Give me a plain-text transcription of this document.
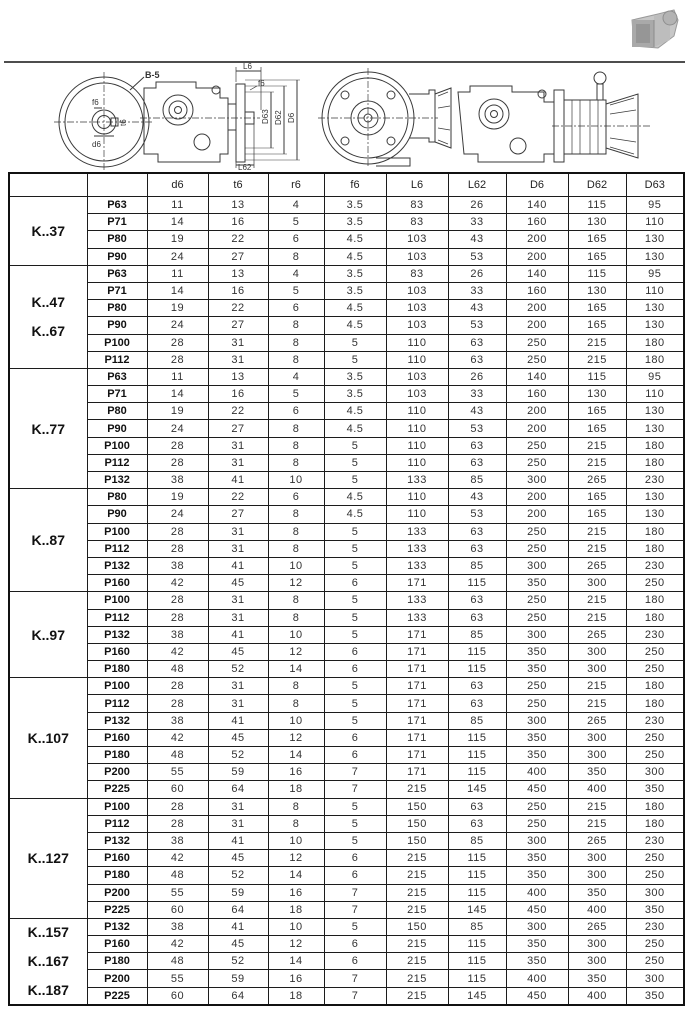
B-5
f6
t6
d6
L6
f6
D63 D62 D6
L62
		d6	t6	r6	f6	L6	L62	D6	D62	D63

K..37	P63	11	13	4	3.5	83	26	140	115	95
	P71	14	16	5	3.5	83	33	160	130	110
	P80	19	22	6	4.5	103	43	200	165	130
	P90	24	27	8	4.5	103	53	200	165	130

K..47
K..67	P63	11	13	4	3.5	83	26	140	115	95
	P71	14	16	5	3.5	103	33	160	130	110
	P80	19	22	6	4.5	103	43	200	165	130
	P90	24	27	8	4.5	103	53	200	165	130
	P100	28	31	8	5	110	63	250	215	180
	P112	28	31	8	5	110	63	250	215	180

K..77	P63	11	13	4	3.5	103	26	140	115	95
	P71	14	16	5	3.5	103	33	160	130	110
	P80	19	22	6	4.5	110	43	200	165	130
	P90	24	27	8	4.5	110	53	200	165	130
	P100	28	31	8	5	110	63	250	215	180
	P112	28	31	8	5	110	63	250	215	180
	P132	38	41	10	5	133	85	300	265	230

K..87	P80	19	22	6	4.5	110	43	200	165	130
	P90	24	27	8	4.5	110	53	200	165	130
	P100	28	31	8	5	133	63	250	215	180
	P112	28	31	8	5	133	63	250	215	180
	P132	38	41	10	5	133	85	300	265	230
	P160	42	45	12	6	171	115	350	300	250

K..97	P100	28	31	8	5	133	63	250	215	180
	P112	28	31	8	5	133	63	250	215	180
	P132	38	41	10	5	171	85	300	265	230
	P160	42	45	12	6	171	115	350	300	250
	P180	48	52	14	6	171	115	350	300	250

K..107	P100	28	31	8	5	171	63	250	215	180
	P112	28	31	8	5	171	63	250	215	180
	P132	38	41	10	5	171	85	300	265	230
	P160	42	45	12	6	171	115	350	300	250
	P180	48	52	14	6	171	115	350	300	250
	P200	55	59	16	7	171	115	400	350	300
	P225	60	64	18	7	215	145	450	400	350

K..127	P100	28	31	8	5	150	63	250	215	180
	P112	28	31	8	5	150	63	250	215	180
	P132	38	41	10	5	150	85	300	265	230
	P160	42	45	12	6	215	115	350	300	250
	P180	48	52	14	6	215	115	350	300	250
	P200	55	59	16	7	215	115	400	350	300
	P225	60	64	18	7	215	145	450	400	350

K..157
K..167
K..187	P132	38	41	10	5	150	85	300	265	230
	P160	42	45	12	6	215	115	350	300	250
	P180	48	52	14	6	215	115	350	300	250
	P200	55	59	16	7	215	115	400	350	300
	P225	60	64	18	7	215	145	450	400	350
